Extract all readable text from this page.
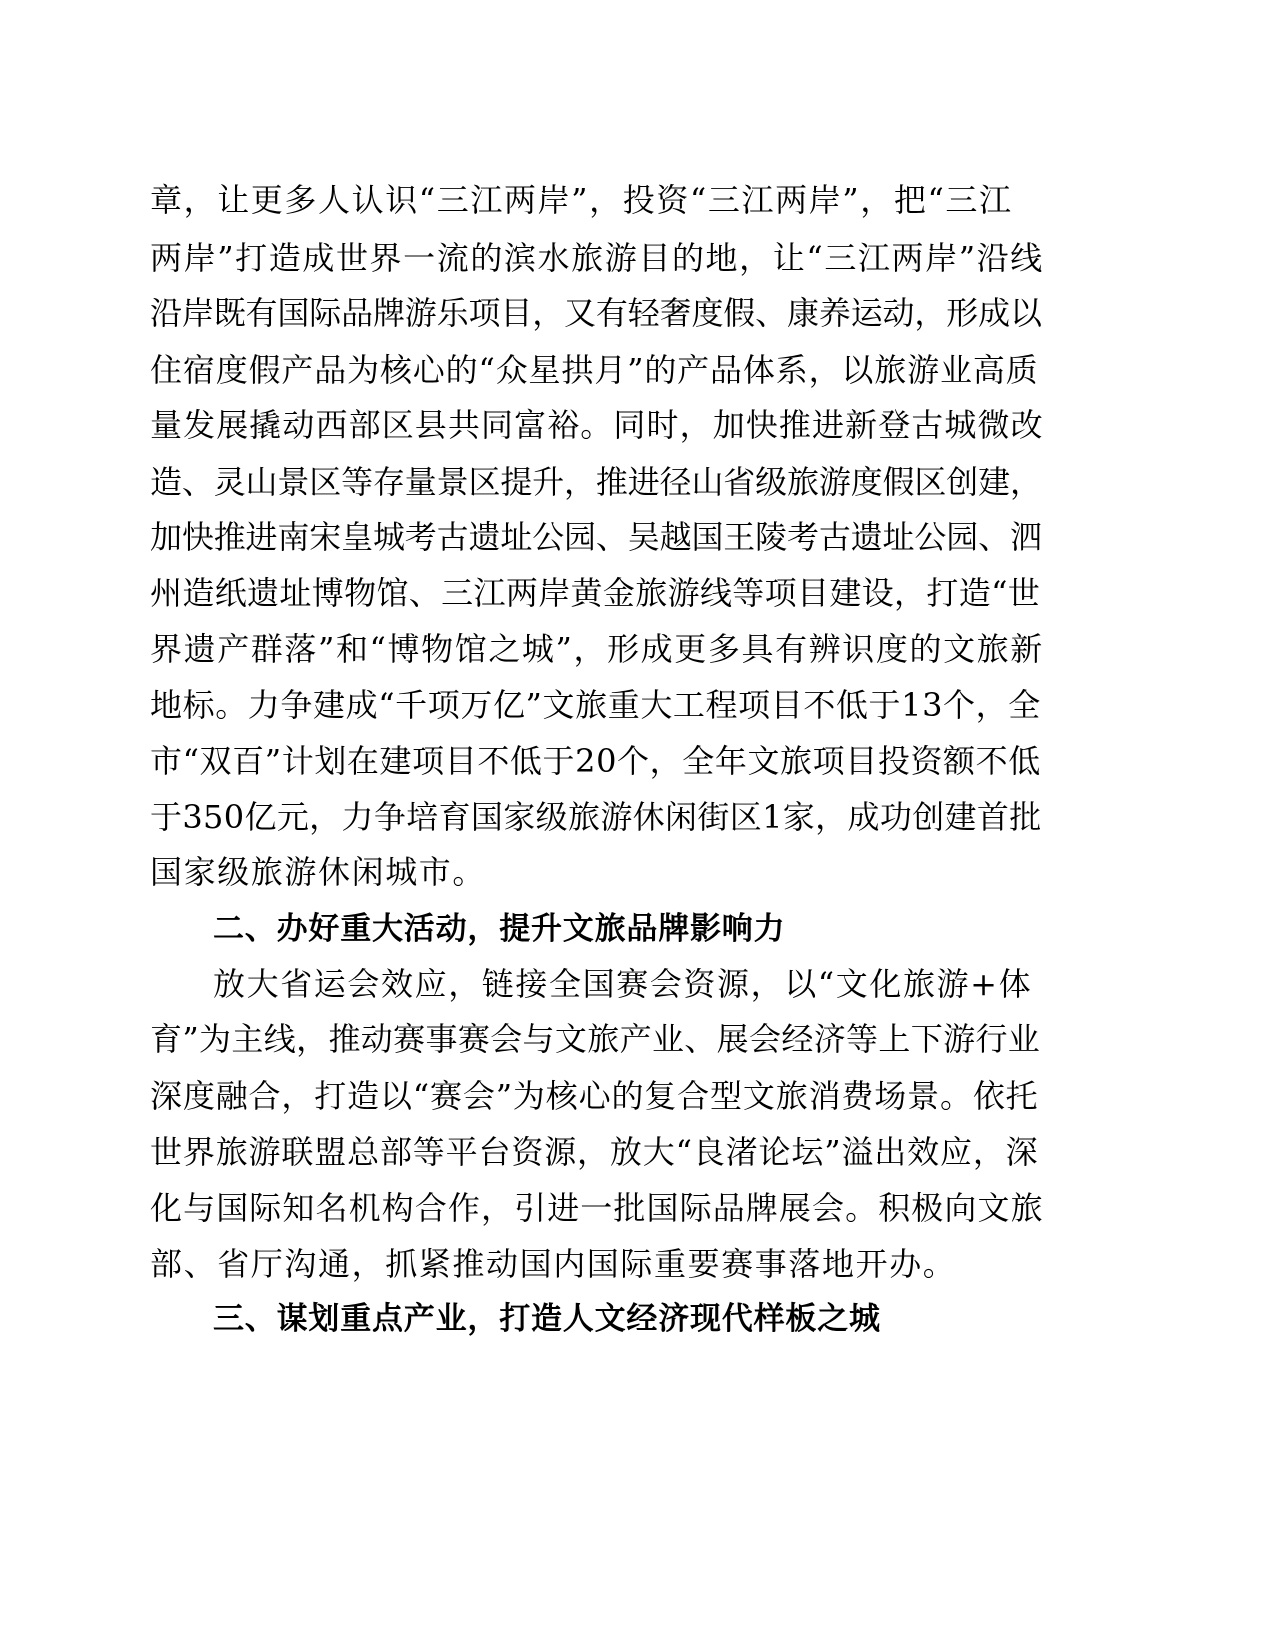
章，让更多人认识“三江两岸”，投资“三江两岸”，把“三江
两岸”打造成世界一流的滨水旅游目的地，让“三江两岸”沿线
沿岸既有国际品牌游乐项目，又有轻奢度假、康养运动，形成以
住宿度假产品为核心的“众星拱月”的产品体系，以旅游业高质
量发展撬动西部区县共同富裕。同时，加快推进新登古城微改
造、灵山景区等存量景区提升，推进径山省级旅游度假区创建，
加快推进南宋皇城考古遗址公园、吴越国王陵考古遗址公园、泗
州造纸遗址博物馆、三江两岸黄金旅游线等项目建设，打造“世
界遗产群落”和“博物馆之城”，形成更多具有辨识度的文旅新
地标。力争建成“千项万亿”文旅重大工程项目不低于13个，全
市“双百”计划在建项目不低于20个，全年文旅项目投资额不低
于350亿元，力争培育国家级旅游休闲街区1家，成功创建首批
国家级旅游休闲城市。
二、办好重大活动，提升文旅品牌影响力
放大省运会效应，链接全国赛会资源，以“文化旅游+体
育”为主线，推动赛事赛会与文旅产业、展会经济等上下游行业
深度融合，打造以“赛会”为核心的复合型文旅消费场景。依托
世界旅游联盟总部等平台资源，放大“良渚论坛”溢出效应，深
化与国际知名机构合作，引进一批国际品牌展会。积极向文旅
部、省厅沟通，抓紧推动国内国际重要赛事落地开办。
三、谋划重点产业，打造人文经济现代样板之城
